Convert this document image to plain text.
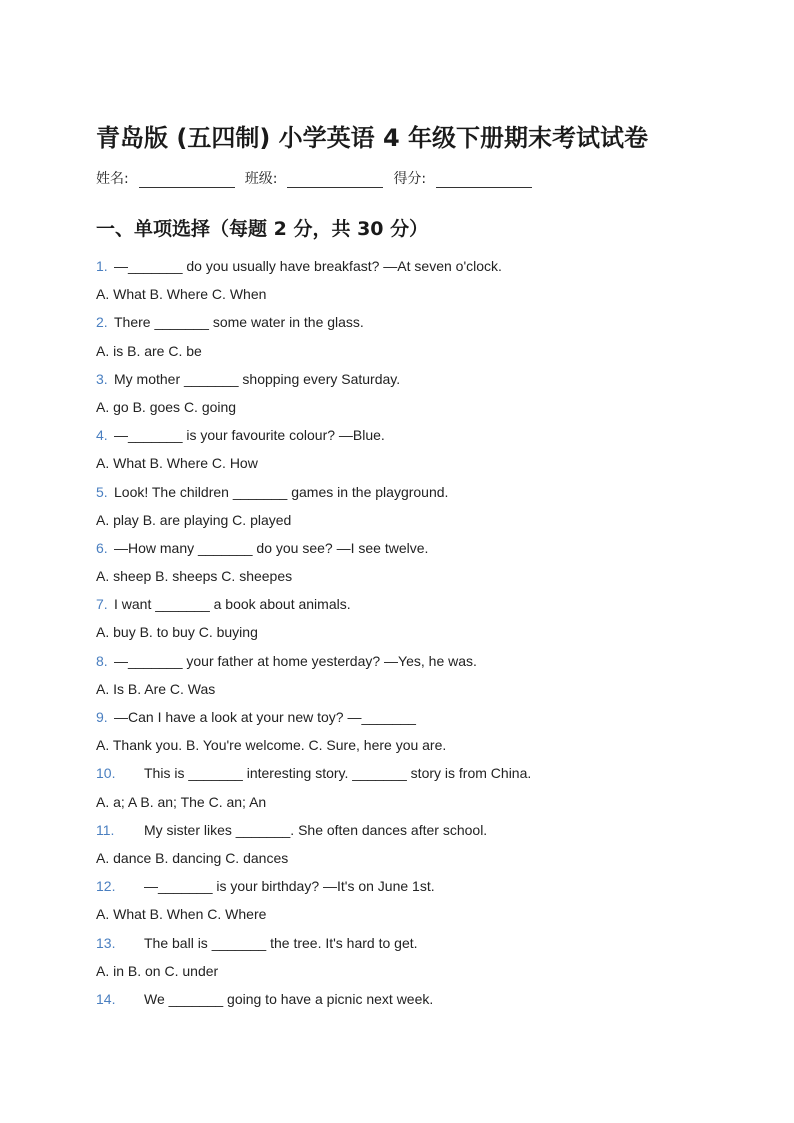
青岛版 (五四制) 小学英语 4 年级下册期末考试试卷
姓名:	班级:	得分:
一、单项选择（每题 2 分，共 30 分）
1. —_______ do you usually have breakfast? —At seven o'clock.
A. What B. Where C. When
2. There _______ some water in the glass.
A. is B. are C. be
3. My mother _______ shopping every Saturday.
A. go B. goes C. going
4. —_______ is your favourite colour? —Blue.
A. What B. Where C. How
5. Look! The children _______ games in the playground.
A. play B. are playing C. played
6. —How many _______ do you see? —I see twelve.
A. sheep B. sheeps C. sheepes
7. I want _______ a book about animals.
A. buy B. to buy C. buying
8. —_______ your father at home yesterday? —Yes, he was.
A. Is B. Are C. Was
9. —Can I have a look at your new toy? —_______
A. Thank you. B. You're welcome. C. Sure, here you are.
10. This is _______ interesting story. _______ story is from China.
A. a; A B. an; The C. an; An
11. My sister likes _______. She often dances after school.
A. dance B. dancing C. dances
12. —_______ is your birthday? —It's on June 1st.
A. What B. When C. Where
13. The ball is _______ the tree. It's hard to get.
A. in B. on C. under
14. We _______ going to have a picnic next week.
